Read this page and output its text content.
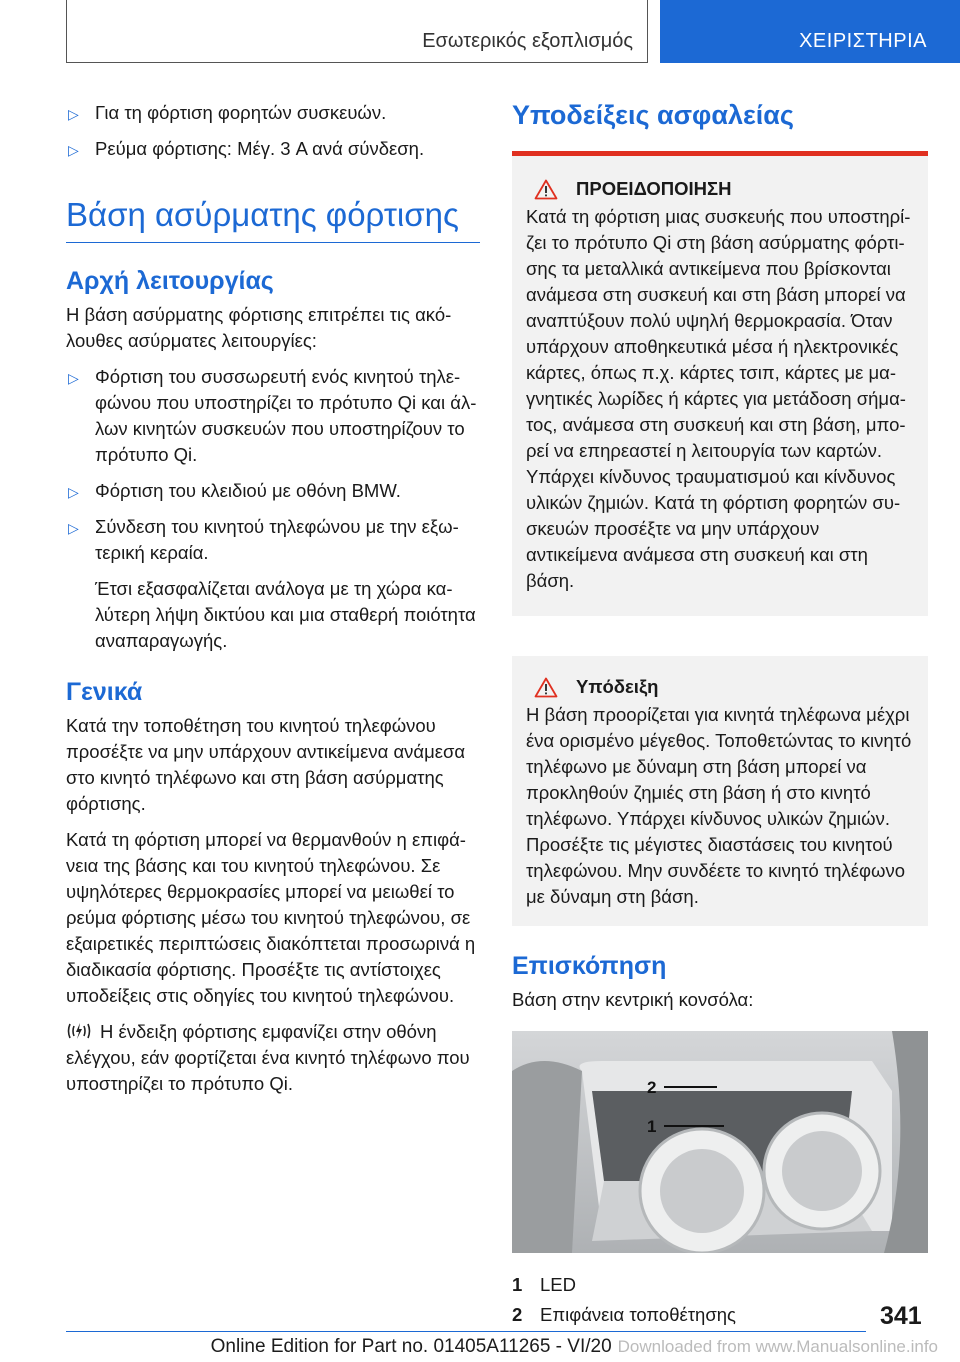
Εσωτερικός εξοπλισμός	ΧΕΙΡΙΣΤΗΡΙΑ
▷ Για τη φόρτιση φορητών συσκευών.
▷ Ρεύμα φόρτισης: Μέγ. 3 A ανά σύνδεση.
Βάση ασύρματης φόρτισης
Αρχή λειτουργίας

Η βάση ασύρματης φόρτισης επιτρέπει τις ακόλουθες ασύρματες λειτουργίες:

▷ Φόρτιση του συσσωρευτή ενός κινητού τηλεφώνου που υποστηρίζει το πρότυπο Qi και άλλων κινητών συσκευών που υποστηρίζουν το πρότυπο Qi.
▷ Φόρτιση του κλειδιού με οθόνη BMW.
▷ Σύνδεση του κινητού τηλεφώνου με την εξωτερική κεραία.

Έτσι εξασφαλίζεται ανάλογα με τη χώρα καλύτερη λήψη δικτύου και μια σταθερή ποιότητα αναπαραγωγής.

Γενικά

Κατά την τοποθέτηση του κινητού τηλεφώνου προσέξτε να μην υπάρχουν αντικείμενα ανάμεσα στο κινητό τηλέφωνο και στη βάση ασύρματης φόρτισης.

Κατά τη φόρτιση μπορεί να θερμανθούν η επιφάνεια της βάσης και του κινητού τηλεφώνου. Σε υψηλότερες θερμοκρασίες μπορεί να μειωθεί το ρεύμα φόρτισης μέσω του κινητού τηλεφώνου, σε εξαιρετικές περιπτώσεις διακόπτεται προσωρινά η διαδικασία φόρτισης. Προσέξτε τις αντίστοιχες υποδείξεις στις οδηγίες του κινητού τηλεφώνου.

Η ένδειξη φόρτισης εμφανίζει στην οθόνη ελέγχου, εάν φορτίζεται ένα κινητό τηλέφωνο που υποστηρίζει το πρότυπο Qi.

Υποδείξεις ασφαλείας
ΠΡΟΕΙΔΟΠΟΙΗΣΗ

Κατά τη φόρτιση μιας συσκευής που υποστηρίζει το πρότυπο Qi στη βάση ασύρματης φόρτισης τα μεταλλικά αντικείμενα που βρίσκονται ανάμεσα στη συσκευή και στη βάση μπορεί να αναπτύξουν πολύ υψηλή θερμοκρασία. Όταν υπάρχουν αποθηκευτικά μέσα ή ηλεκτρονικές κάρτες, όπως π.χ. κάρτες τσιπ, κάρτες με μαγνητικές λωρίδες ή κάρτες για μετάδοση σήματος, ανάμεσα στη συσκευή και στη βάση, μπορεί να επηρεαστεί η λειτουργία των καρτών. Υπάρχει κίνδυνος τραυματισμού και κίνδυνος υλικών ζημιών. Κατά τη φόρτιση φορητών συσκευών προσέξτε να μην υπάρχουν αντικείμενα ανάμεσα στη συσκευή και στη βάση.

Υπόδειξη

Η βάση προορίζεται για κινητά τηλέφωνα μέχρι ένα ορισμένο μέγεθος. Τοποθετώντας το κινητό τηλέφωνο με δύναμη στη βάση μπορεί να προκληθούν ζημιές στη βάση ή στο κινητό τηλέφωνο. Υπάρχει κίνδυνος υλικών ζημιών. Προσέξτε τις μέγιστες διαστάσεις του κινητού τηλεφώνου. Μην συνδέετε το κινητό τηλέφωνο με δύναμη στη βάση.

Επισκόπηση

Βάση στην κεντρική κονσόλα:

2
1
1 LED
2 Επιφάνεια τοποθέτησης	341
Online Edition for Part no. 01405A11265 - VI/20 Downloaded from www.Manualsonline.info
